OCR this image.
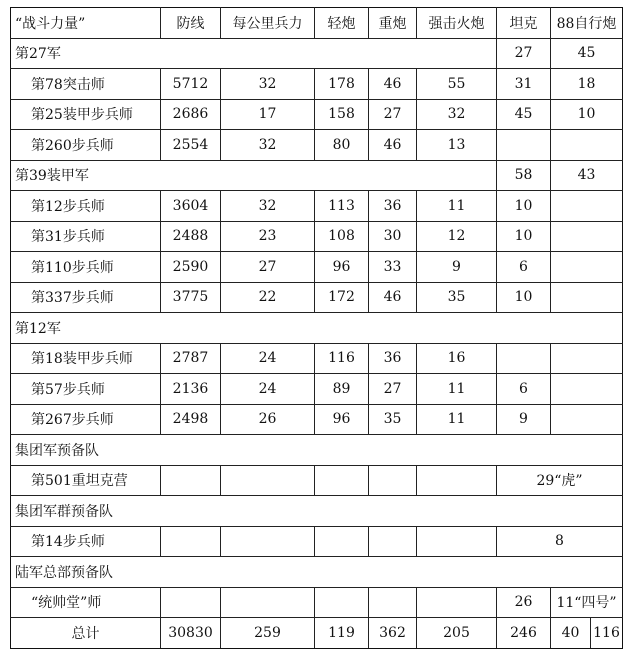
“战斗力量”	防线	每公里兵力	轻炮	重炮	强击火炮	坦克	88自行炮	
第27军						27	45	
第78突击师	5712	32	178	46	55	31	18	
第25装甲步兵师	2686	17	158	27	32	45	10	
第260步兵师	2554	32	80	46	13			
第39装甲军						58	43	
第12步兵师	3604	32	113	36	11	10		
第31步兵师	2488	23	108	30	12	10		
第110步兵师	2590	27	96	33	9	6		
第337步兵师	3775	22	172	46	35	10		
第12军								
第18装甲步兵师	2787	24	116	36	16			
第57步兵师	2136	24	89	27	11	6		
第267步兵师	2498	26	96	35	11	9		
集团军预备队								
第501重坦克营						29“虎”		
集团军群预备队								
第14步兵师						8		
陆军总部预备队								
“统帅堂”师						26	11“四号”	
总计	30830	259	119	362	205	246	40	116
